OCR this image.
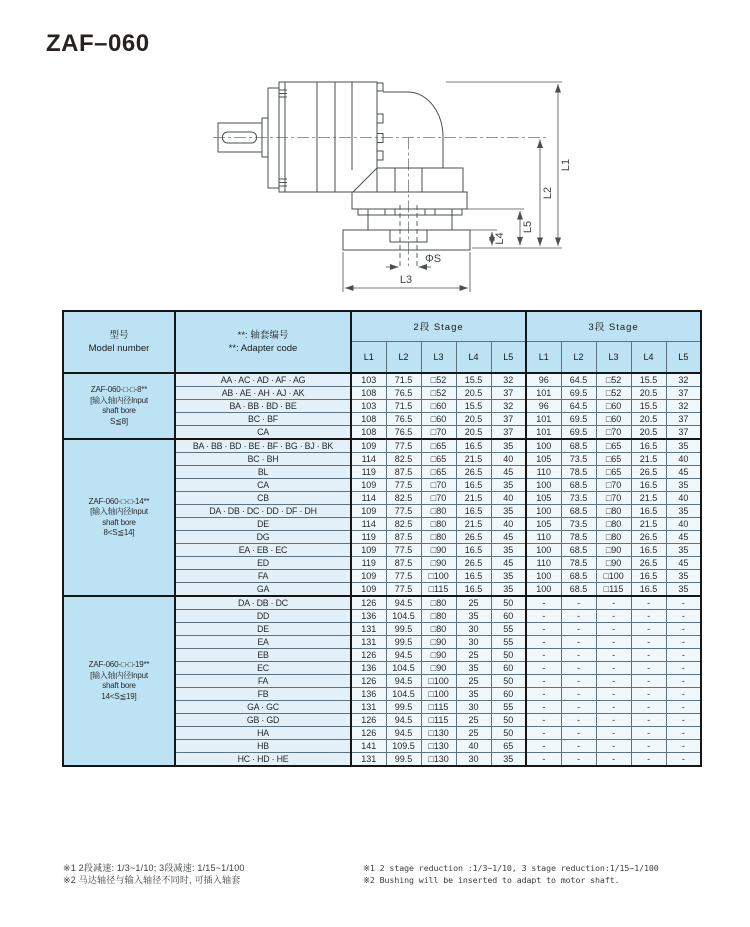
ZAF–060
L1
L2
L5
L4
ΦS
L3
型号
Model number

**: 轴套编号
**: Adapter code
	2段 Stage	3段 Stage
		L1	L2	L3	L4	L5	L1	L2	L3	L4	L5

ZAF-060-□-□-8**
[输入轴内径Input
shaft bore
S≦8]	AA · AC · AD · AF · AG	103	71.5	□52	15.5	32	96	64.5	□52	15.5	32
	AB · AE · AH · AJ · AK	108	76.5	□52	20.5	37	101	69.5	□52	20.5	37
	BA · BB · BD · BE	103	71.5	□60	15.5	32	96	64.5	□60	15.5	32
	BC · BF	108	76.5	□60	20.5	37	101	69.5	□60	20.5	37
	CA	108	76.5	□70	20.5	37	101	69.5	□70	20.5	37

ZAF-060-□-□-14**
[输入轴内径Input
shaft bore
8<S≦14]	BA · BB · BD · BE · BF · BG · BJ · BK	109	77.5	□65	16.5	35	100	68.5	□65	16.5	35
	BC · BH	114	82.5	□65	21.5	40	105	73.5	□65	21.5	40
	BL	119	87.5	□65	26.5	45	110	78.5	□65	26.5	45
	CA	109	77.5	□70	16.5	35	100	68.5	□70	16.5	35
	CB	114	82.5	□70	21.5	40	105	73.5	□70	21.5	40
	DA · DB · DC · DD · DF · DH	109	77.5	□80	16.5	35	100	68.5	□80	16.5	35
	DE	114	82.5	□80	21.5	40	105	73.5	□80	21.5	40
	DG	119	87.5	□80	26.5	45	110	78.5	□80	26.5	45
	EA · EB · EC	109	77.5	□90	16.5	35	100	68.5	□90	16.5	35
	ED	119	87.5	□90	26.5	45	110	78.5	□90	26.5	45
	FA	109	77.5	□100	16.5	35	100	68.5	□100	16.5	35
	GA	109	77.5	□115	16.5	35	100	68.5	□115	16.5	35

ZAF-060-□-□-19**
[输入轴内径Input
shaft bore
14<S≦19]	DA · DB · DC	126	94.5	□80	25	50	-	-	-	-	-
	DD	136	104.5	□80	35	60	-	-	-	-	-
	DE	131	99.5	□80	30	55	-	-	-	-	-
	EA	131	99.5	□90	30	55	-	-	-	-	-
	EB	126	94.5	□90	25	50	-	-	-	-	-
	EC	136	104.5	□90	35	60	-	-	-	-	-
	FA	126	94.5	□100	25	50	-	-	-	-	-
	FB	136	104.5	□100	35	60	-	-	-	-	-
	GA · GC	131	99.5	□115	30	55	-	-	-	-	-
	GB · GD	126	94.5	□115	25	50	-	-	-	-	-
	HA	126	94.5	□130	25	50	-	-	-	-	-
	HB	141	109.5	□130	40	65	-	-	-	-	-
	HC · HD · HE	131	99.5	□130	30	35	-	-	-	-	-
※1 2段减速: 1/3~1/10; 3段减速: 1/15~1/100
※2 马达轴径与输入轴径不同时, 可插入轴套
※1 2 stage reduction :1/3~1/10, 3 stage reduction:1/15~1/100
※2 Bushing will be inserted to adapt to motor shaft.
